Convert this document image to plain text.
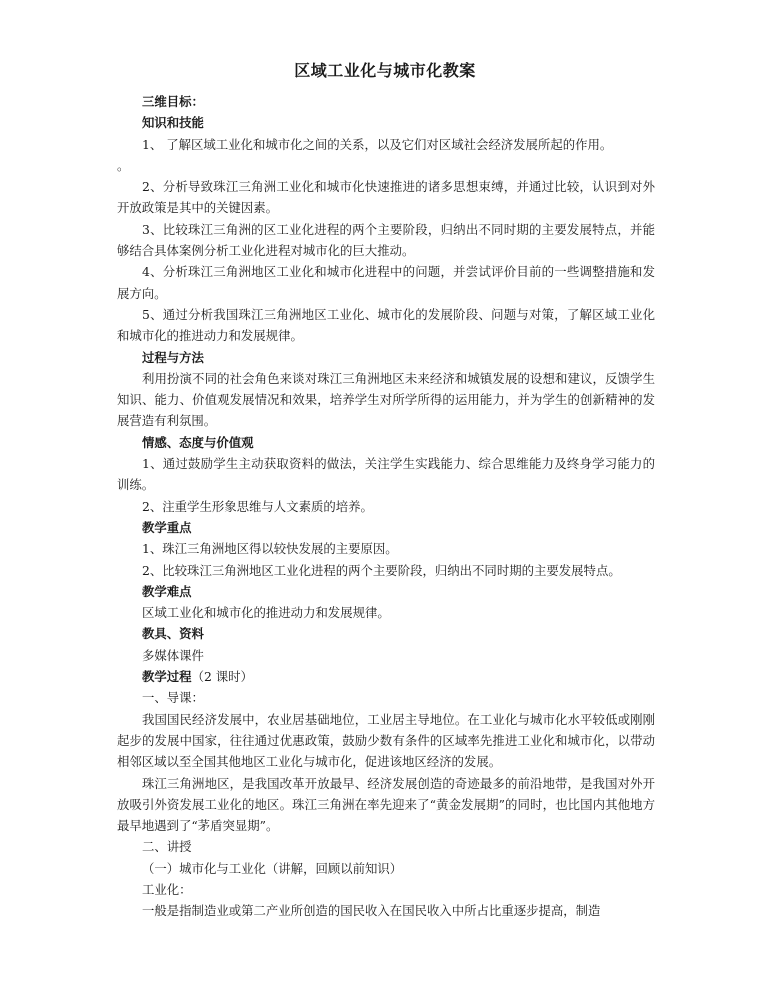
区域工业化与城市化教案

三维目标：

知识和技能

1、 了解区域工业化和城市化之间的关系，以及它们对区域社会经济发展所起的作用。

。

2、分析导致珠江三角洲工业化和城市化快速推进的诸多思想束缚，并通过比较，认识到对外开放政策是其中的关键因素。

3、比较珠江三角洲的区工业化进程的两个主要阶段，归纳出不同时期的主要发展特点，并能够结合具体案例分析工业化进程对城市化的巨大推动。

4、分析珠江三角洲地区工业化和城市化进程中的问题，并尝试评价目前的一些调整措施和发展方向。

5、通过分析我国珠江三角洲地区工业化、城市化的发展阶段、问题与对策，了解区域工业化和城市化的推进动力和发展规律。

过程与方法

利用扮演不同的社会角色来谈对珠江三角洲地区未来经济和城镇发展的设想和建议，反馈学生知识、能力、价值观发展情况和效果，培养学生对所学所得的运用能力，并为学生的创新精神的发展营造有利氛围。

情感、态度与价值观

1、通过鼓励学生主动获取资料的做法，关注学生实践能力、综合思维能力及终身学习能力的训练。

2、注重学生形象思维与人文素质的培养。

教学重点

1、珠江三角洲地区得以较快发展的主要原因。

2、比较珠江三角洲地区工业化进程的两个主要阶段，归纳出不同时期的主要发展特点。

教学难点

区域工业化和城市化的推进动力和发展规律。

教具、资料

多媒体课件

教学过程（2 课时）

一、导课：

我国国民经济发展中，农业居基础地位，工业居主导地位。在工业化与城市化水平较低或刚刚起步的发展中国家，往往通过优惠政策，鼓励少数有条件的区域率先推进工业化和城市化，以带动相邻区域以至全国其他地区工业化与城市化，促进该地区经济的发展。

珠江三角洲地区，是我国改革开放最早、经济发展创造的奇迹最多的前沿地带，是我国对外开放吸引外资发展工业化的地区。珠江三角洲在率先迎来了“黄金发展期”的同时，也比国内其他地方最早地遇到了“茅盾突显期”。

二、讲授

（一）城市化与工业化（讲解，回顾以前知识）

工业化：

一般是指制造业或第二产业所创造的国民收入在国民收入中所占比重逐步提高，制造
